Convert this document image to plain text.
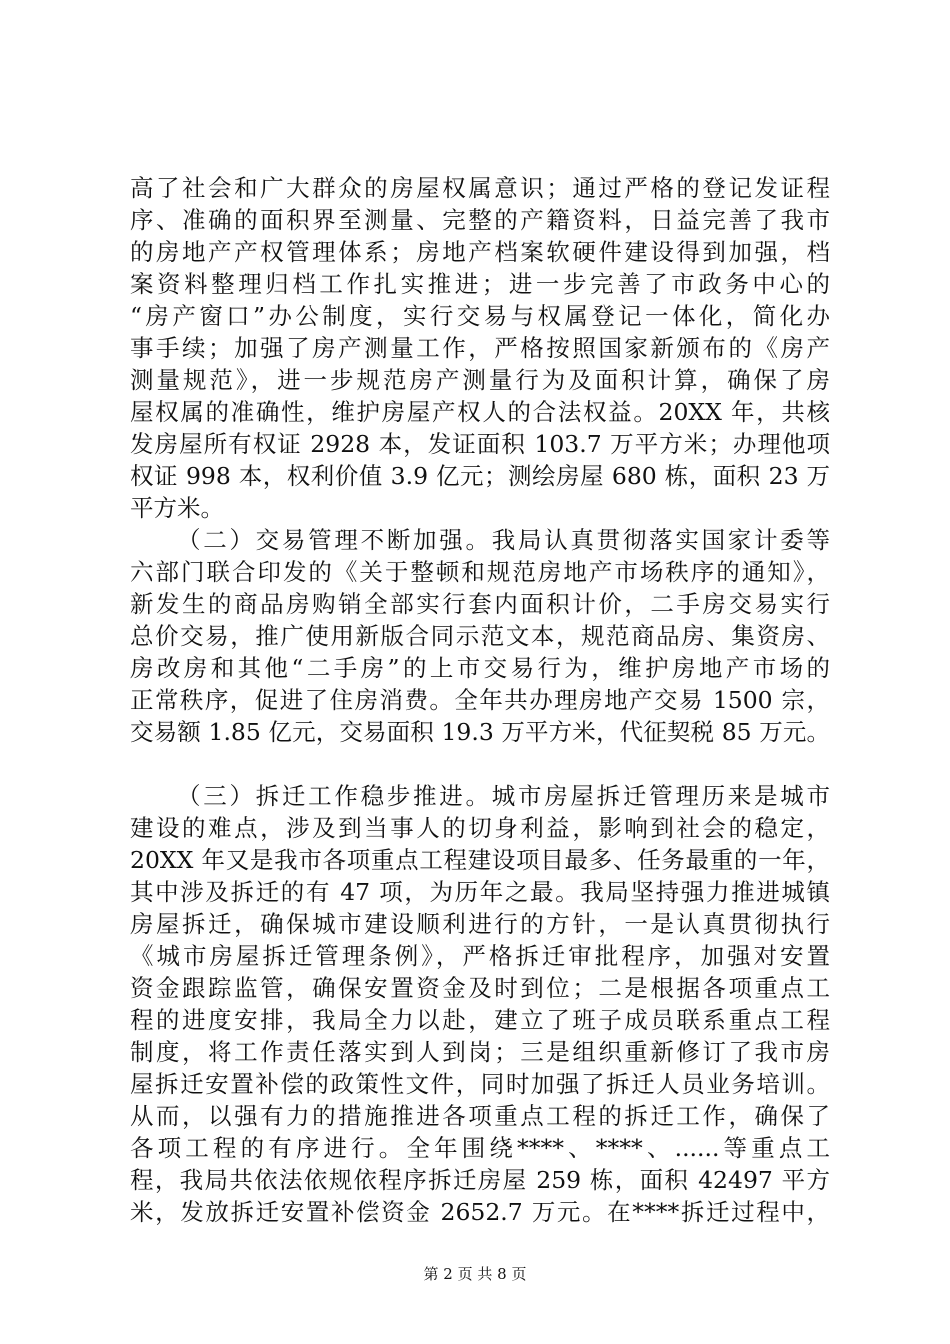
高了社会和广大群众的房屋权属意识；通过严格的登记发证程
序、准确的面积界至测量、完整的产籍资料，日益完善了我市
的房地产产权管理体系；房地产档案软硬件建设得到加强，档
案资料整理归档工作扎实推进；进一步完善了市政务中心的
“房产窗口”办公制度，实行交易与权属登记一体化，简化办
事手续；加强了房产测量工作，严格按照国家新颁布的《房产
测量规范》，进一步规范房产测量行为及面积计算，确保了房
屋权属的准确性，维护房屋产权人的合法权益。20XX 年，共核
发房屋所有权证 2928 本，发证面积 103.7 万平方米；办理他项
权证 998 本，权利价值 3.9 亿元；测绘房屋 680 栋，面积 23 万
平方米。
（二）交易管理不断加强。我局认真贯彻落实国家计委等
六部门联合印发的《关于整顿和规范房地产市场秩序的通知》，
新发生的商品房购销全部实行套内面积计价，二手房交易实行
总价交易，推广使用新版合同示范文本，规范商品房、集资房、
房改房和其他“二手房”的上市交易行为，维护房地产市场的
正常秩序，促进了住房消费。全年共办理房地产交易 1500 宗，
交易额 1.85 亿元，交易面积 19.3 万平方米，代征契税 85 万元。
（三）拆迁工作稳步推进。城市房屋拆迁管理历来是城市
建设的难点，涉及到当事人的切身利益，影响到社会的稳定，
20XX 年又是我市各项重点工程建设项目最多、任务最重的一年，
其中涉及拆迁的有 47 项，为历年之最。我局坚持强力推进城镇
房屋拆迁，确保城市建设顺利进行的方针，一是认真贯彻执行
《城市房屋拆迁管理条例》，严格拆迁审批程序，加强对安置
资金跟踪监管，确保安置资金及时到位；二是根据各项重点工
程的进度安排，我局全力以赴，建立了班子成员联系重点工程
制度，将工作责任落实到人到岗；三是组织重新修订了我市房
屋拆迁安置补偿的政策性文件，同时加强了拆迁人员业务培训。
从而，以强有力的措施推进各项重点工程的拆迁工作，确保了
各项工程的有序进行。全年围绕****、****、......等重点工
程，我局共依法依规依程序拆迁房屋 259 栋，面积 42497 平方
米，发放拆迁安置补偿资金 2652.7 万元。在****拆迁过程中，
第 2 页 共 8 页
